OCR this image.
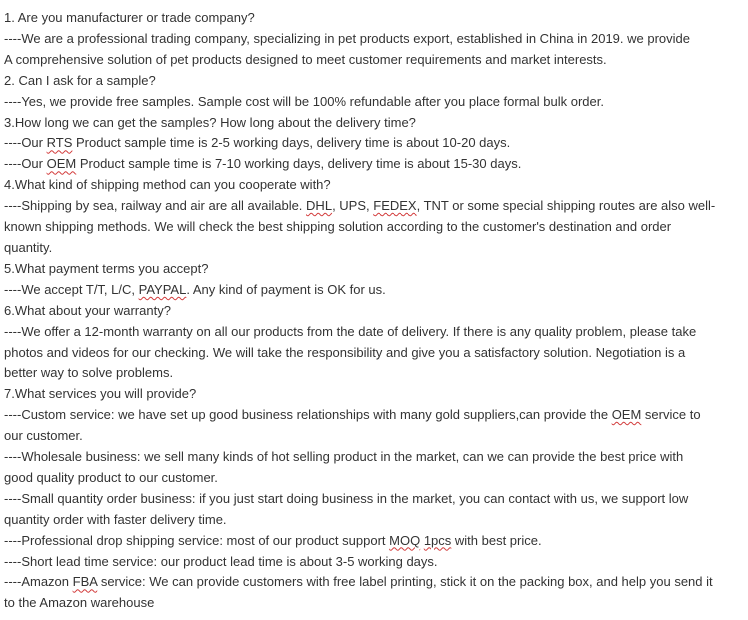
1. Are you manufacturer or trade company?
----We are a professional trading company, specializing in pet products export, established in China in 2019. we provide
A comprehensive solution of pet products designed to meet customer requirements and market interests.
2. Can I ask for a sample?
----Yes, we provide free samples. Sample cost will be 100% refundable after you place formal bulk order.
3.How long we can get the samples? How long about the delivery time?
----Our RTS Product sample time is 2-5 working days, delivery time is about 10-20 days.
----Our OEM Product sample time is 7-10 working days, delivery time is about 15-30 days.
4.What kind of shipping method can you cooperate with?
----Shipping by sea, railway and air are all available. DHL, UPS, FEDEX, TNT or some special shipping routes are also well-
known shipping methods. We will check the best shipping solution according to the customer's destination and order
quantity.
5.What payment terms you accept?
----We accept T/T, L/C, PAYPAL. Any kind of payment is OK for us.
6.What about your warranty?
----We offer a 12-month warranty on all our products from the date of delivery. If there is any quality problem, please take
photos and videos for our checking. We will take the responsibility and give you a satisfactory solution. Negotiation is a
better way to solve problems.
7.What services you will provide?
----Custom service: we have set up good business relationships with many gold suppliers,can provide the OEM service to
our customer.
----Wholesale business: we sell many kinds of hot selling product in the market, can we can provide the best price with
good quality product to our customer.
----Small quantity order business: if you just start doing business in the market, you can contact with us, we support low
quantity order with faster delivery time.
----Professional drop shipping service: most of our product support MOQ 1pcs with best price.
----Short lead time service: our product lead time is about 3-5 working days.
----Amazon FBA service: We can provide customers with free label printing, stick it on the packing box, and help you send it
to the Amazon warehouse
